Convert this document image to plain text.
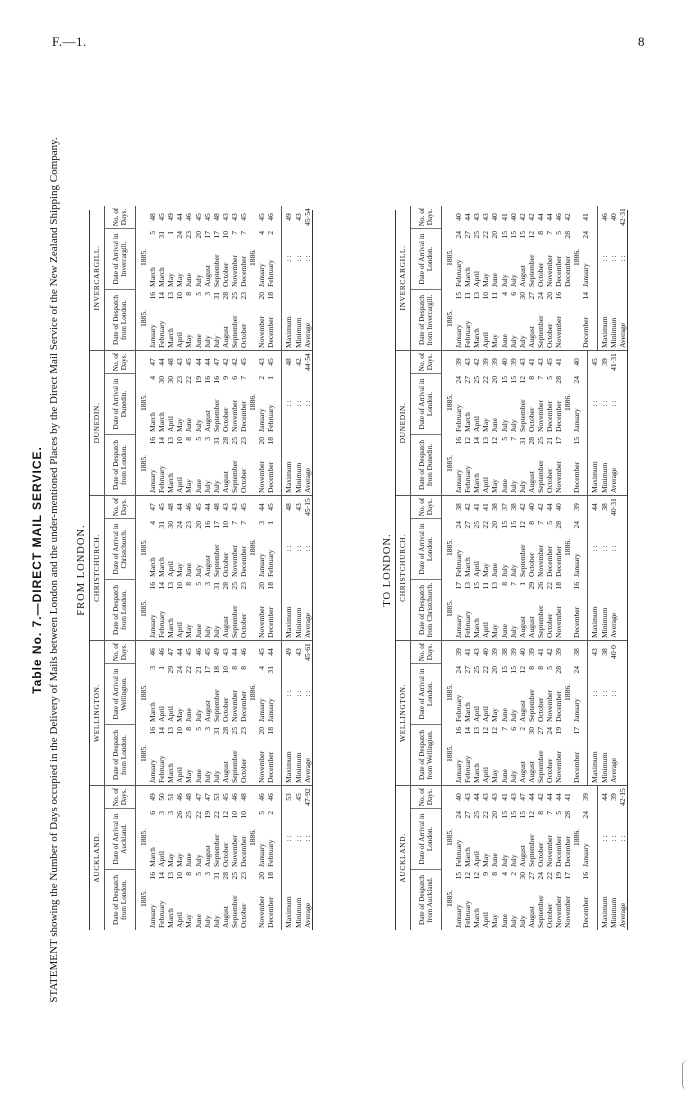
F.—1.	8
Table No. 7.—DIRECT MAIL SERVICE. STATEMENT showing the Number of Days occupied in the Delivery of Mails between London and the under-mentioned Places by the Direct Mail Service of the New Zealand Shipping Company. FROM LONDON.
AUCKLAND.
Date of Despatch from London.
Date of Arrival in Auckland.
No. of Days.
1885.
1885.
January
16
March
6
49
February
14
April
3
50
March
13
May
3
51
April
10
May
26
46
May
8
June
25
48
June
5
July
22
47
July
3
August
19
47
July
31
September
22
53
August
28
October
12
45
September
25
November
10
46
October
23
December
10
48
1886.
November
20
January
5
46
December
18
February
2
46
Maximum
: :
53
Minimum
: :
45
Average
: :
47·92
WELLINGTON.
Date of Despatch from London.
Date of Arrival in Wellington.
No. of Days.
1885.
1885.
January
16
March
3
46
February
14
April
1
46
March
13
April
29
47
April
10
May
24
44
May
8
June
22
45
June
5
July
21
46
July
3
August
17
45
July
31
September
18
49
August
28
October
10
43
September
25
November
8
44
October
23
December
8
46
1886.
November
20
January
4
45
December
18
January
31
44
Maximum
: :
49
Minimum
: :
43
Average
: :
45·61
CHRISTCHURCH.
Date of Despatch from London.
Date of Arrival in Christchurch.
No. of Days.
1885.
1885.
January
16
March
4
47
February
14
March
31
45
March
13
April
30
48
April
10
May
24
44
May
8
June
23
46
June
5
July
20
45
July
3
August
16
44
July
31
September
17
48
August
28
October
10
43
September
25
November
7
43
October
23
December
7
45
1886.
November
20
January
3
44
December
18
February
1
45
Maximum
: :
48
Minimum
: :
43
Average
: :
45·15
DUNEDIN.
Date of Despatch from London.
Date of Arrival in Dunedin.
No. of Days.
1885.
1885.
January
16
March
4
47
February
14
March
30
44
March
13
April
30
48
April
10
May
23
43
May
8
June
22
45
June
5
July
19
44
July
3
August
16
44
July
31
September
16
47
August
28
October
9
42
September
25
November
6
42
October
23
December
7
45
1886.
November
20
January
2
43
December
18
February
1
45
Maximum
: :
48
Minimum
: :
42
Average
: :
44·54
INVERCARGILL.
Date of Despatch from London.
Date of Arrival in Invercargill.
No. of Days.
1885.
1885.
January
16
March
5
48
February
14
March
31
45
March
13
May
1
49
April
10
May
24
44
May
8
June
23
46
June
5
July
20
45
July
3
August
17
45
July
31
September
17
48
August
28
October
10
43
September
25
November
7
43
October
23
December
7
45
1886.
November
20
January
4
45
December
18
February
2
46
Maximum
: :
49
Minimum
: :
43
Average
: :
45·54
TO LONDON.
AUCKLAND.
Date of Despatch from Auckland.
Date of Arrival in London.
No. of Days.
1885.
1885.
January
15
February
24
40
February
12
March
27
43
March
12
April
25
44
April
9
May
22
43
May
8
June
20
43
June
4
July
15
41
July
2
July
15
43
July
30
August
15
47
August
27
September
12
44
September
24
October
8
42
October
22
November
7
44
November
19
December
5
44
November
17
December
28
41
1886.
December
16
January
24
39
Maximum
: :
44
Minimum
: :
39
Average
: :
42·15
WELLINGTON.
Date of Despatch from Wellington.
Date of Arrival in London.
No. of Days.
1885.
1885.
January
16
February
24
39
February
14
March
27
41
March
13
April
25
43
April
12
April
22
40
May
12
May
20
39
June
7
June
15
38
July
6
July
15
39
August
2
August
12
40
August
30
September
8
39
September
27
October
8
41
October
24
November
5
42
November
19
December
28
39
1886.
December
17
January
24
38
Maximum
: :
43
Minimum
: :
38
Average
: :
40·0
CHRISTCHURCH.
Date of Despatch from Christchurch.
Date of Arrival in London.
No. of Days.
1885.
1885.
January
17
February
24
38
February
13
March
27
42
March
15
April
25
41
April
11
May
22
41
May
13
June
20
38
June
8
July
15
37
July
7
July
15
38
August
1
September
12
42
August
29
October
8
40
September
26
November
7
42
October
22
December
5
44
November
18
December
28
40
1886.
December
16
January
24
39
Maximum
: :
44
Minimum
: :
38
Average
: :
40·31
DUNEDIN.
Date of Despatch from Dunedin.
Date of Arrival in London.
No. of Days.
1885.
1885.
January
16
February
24
39
February
12
March
27
43
March
14
April
25
42
April
13
May
22
39
May
12
June
20
39
June
5
July
15
40
July
7
July
15
39
July
31
September
12
43
August
28
October
8
41
September
25
November
7
43
October
21
December
5
45
November
17
December
28
41
1886.
December
15
January
24
40
Maximum
: :
45
Minimum
: :
39
Average
: :
41·31
INVERCARGILL.
Date of Despatch from Invercargill.
Date of Arrival in London.
No. of Days.
1885.
1885.
January
15
February
24
40
February
11
March
27
44
March
13
April
25
43
April
10
May
22
43
May
11
June
20
40
June
4
July
15
41
July
6
July
15
40
July
30
August
15
42
August
27
September
12
42
September
24
October
8
44
October
20
November
7
44
November
16
December
5
46
December
28
42
1886.
December
14
January
24
41
Maximum
: :
46
Minimum
: :
40
Average
: :
42·31
